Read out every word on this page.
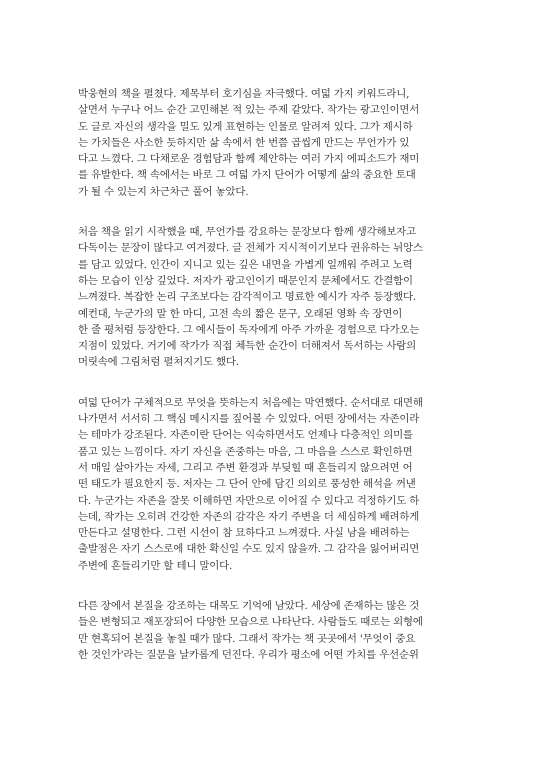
박웅현의 책을 펼쳤다. 제목부터 호기심을 자극했다. 여덟 가지 키워드라니,
살면서 누구나 어느 순간 고민해본 적 있는 주제 같았다. 작가는 광고인이면서
도 글로 자신의 생각을 밀도 있게 표현하는 인물로 알려져 있다. 그가 제시하
는 가치들은 사소한 듯하지만 삶 속에서 한 번쯤 곱씹게 만드는 무언가가 있
다고 느꼈다. 그 다채로운 경험담과 함께 제안하는 여러 가지 에피소드가 재미
를 유발한다. 책 속에서는 바로 그 여덟 가지 단어가 어떻게 삶의 중요한 토대
가 될 수 있는지 차근차근 풀어 놓았다.

처음 책을 읽기 시작했을 때, 무언가를 강요하는 문장보다 함께 생각해보자고
다독이는 문장이 많다고 여겨졌다. 글 전체가 지시적이기보다 권유하는 뉘앙스
를 담고 있었다. 인간이 지니고 있는 깊은 내면을 가볍게 일깨워 주려고 노력
하는 모습이 인상 깊었다. 저자가 광고인이기 때문인지 문체에서도 간결함이
느껴졌다. 복잡한 논리 구조보다는 감각적이고 명료한 예시가 자주 등장했다.
예컨대, 누군가의 말 한 마디, 고전 속의 짧은 문구, 오래된 영화 속 장면이
한 줄 평처럼 등장한다. 그 예시들이 독자에게 아주 가까운 경험으로 다가오는
지점이 있었다. 거기에 작가가 직접 체득한 순간이 더해져서 독서하는 사람의
머릿속에 그림처럼 펼쳐지기도 했다.

여덟 단어가 구체적으로 무엇을 뜻하는지 처음에는 막연했다. 순서대로 대면해
나가면서 서서히 그 핵심 메시지를 짚어볼 수 있었다. 어떤 장에서는 자존이라
는 테마가 강조된다. 자존이란 단어는 익숙하면서도 언제나 다층적인 의미를
품고 있는 느낌이다. 자기 자신을 존중하는 마음, 그 마음을 스스로 확인하면
서 매일 살아가는 자세, 그리고 주변 환경과 부딪힐 때 흔들리지 않으려면 어
떤 태도가 필요한지 등. 저자는 그 단어 안에 담긴 의외로 풍성한 해석을 꺼낸
다. 누군가는 자존을 잘못 이해하면 자만으로 이어질 수 있다고 걱정하기도 하
는데, 작가는 오히려 건강한 자존의 감각은 자기 주변을 더 세심하게 배려하게
만든다고 설명한다. 그런 시선이 참 묘하다고 느껴졌다. 사실 남을 배려하는
출발점은 자기 스스로에 대한 확신일 수도 있지 않을까. 그 감각을 잃어버리면
주변에 흔들리기만 할 테니 말이다.

다른 장에서 본질을 강조하는 대목도 기억에 남았다. 세상에 존재하는 많은 것
들은 변형되고 재포장되어 다양한 모습으로 나타난다. 사람들도 때로는 외형에
만 현혹되어 본질을 놓칠 때가 많다. 그래서 작가는 책 곳곳에서 '무엇이 중요
한 것인가'라는 질문을 날카롭게 던진다. 우리가 평소에 어떤 가치를 우선순위
